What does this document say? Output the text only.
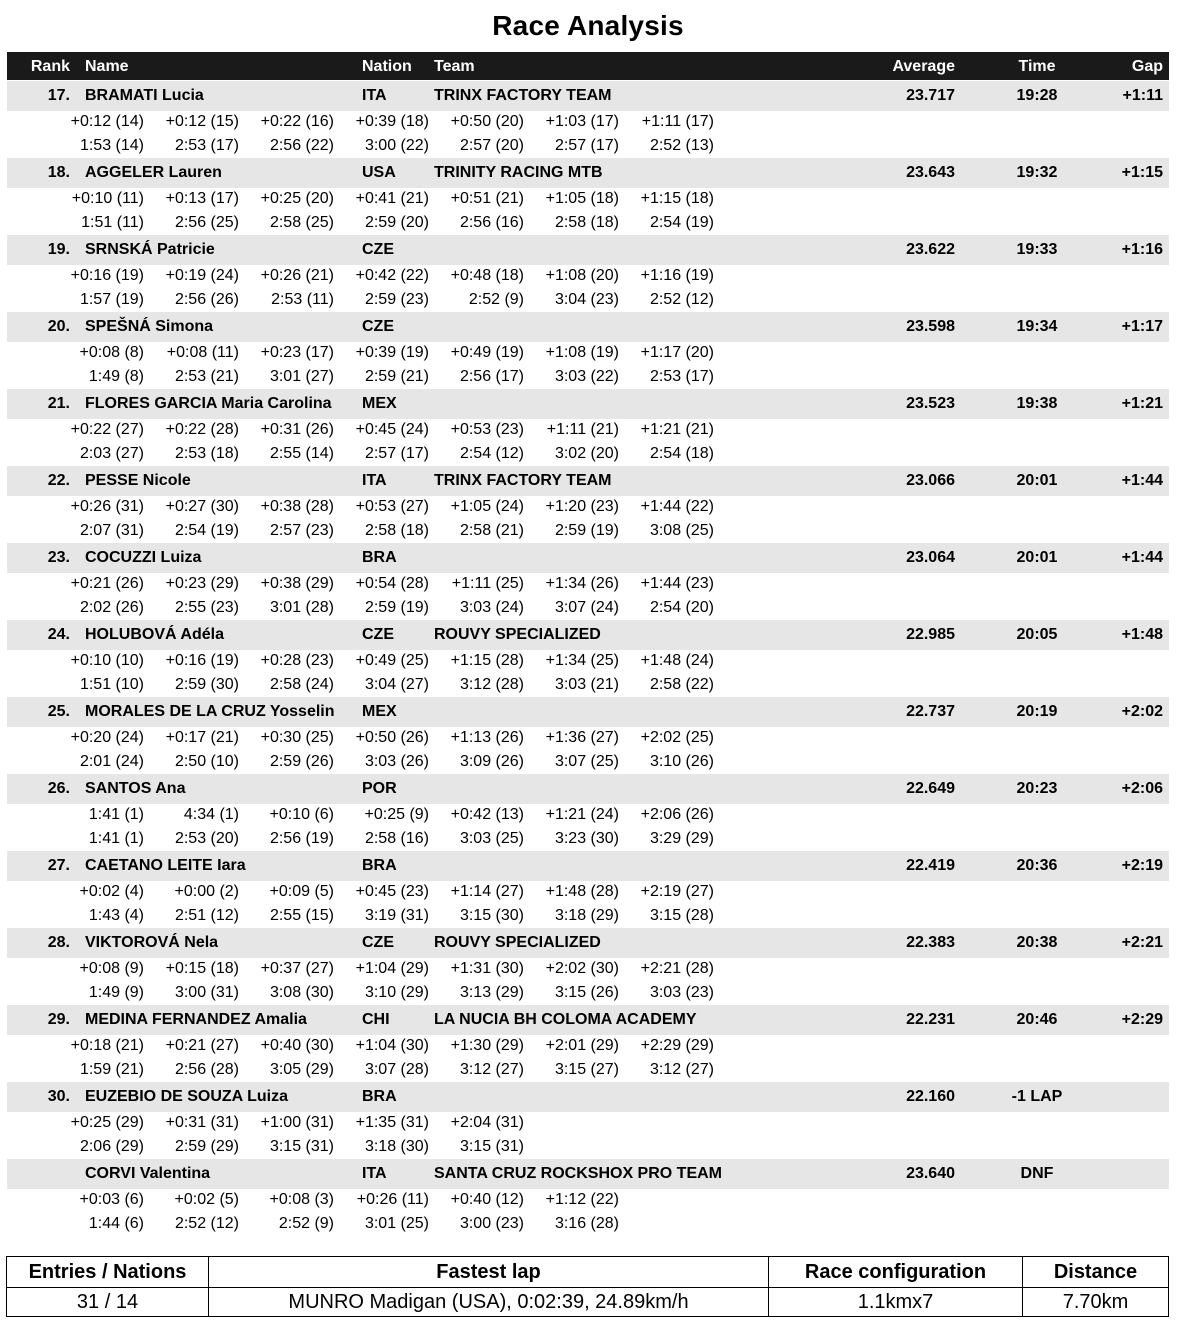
Race Analysis
Rank Name	Nation Team	Average	Time	Gap
17. BRAMATI Lucia	ITA	TRINX FACTORY TEAM	23.717	19:28	+1:11
+0:12 (14)	+0:12 (15)	+0:22 (16)	+0:39 (18)	+0:50 (20)	+1:03 (17)	+1:11 (17)
1:53 (14)	2:53 (17)	2:56 (22)	3:00 (22)	2:57 (20)	2:57 (17)	2:52 (13)
18. AGGELER Lauren	USA TRINITY RACING MTB	23.643	19:32	+1:15
+0:10 (11)	+0:13 (17)	+0:25 (20)	+0:41 (21)	+0:51 (21)	+1:05 (18)	+1:15 (18)
1:51 (11)	2:56 (25)	2:58 (25)	2:59 (20)	2:56 (16)	2:58 (18)	2:54 (19)
19. SRNSKÁ Patricie	CZE	23.622	19:33	+1:16
+0:16 (19)	+0:19 (24)	+0:26 (21)	+0:42 (22)	+0:48 (18)	+1:08 (20)	+1:16 (19)
1:57 (19)	2:56 (26)	2:53 (11)	2:59 (23)	2:52 (9)	3:04 (23)	2:52 (12)
20. SPEŠNÁ Simona	CZE	23.598	19:34	+1:17
+0:08 (8)	+0:08 (11)	+0:23 (17)	+0:39 (19)	+0:49 (19)	+1:08 (19)	+1:17 (20)
1:49 (8)	2:53 (21)	3:01 (27)	2:59 (21)	2:56 (17)	3:03 (22)	2:53 (17)
21. FLORES GARCIA Maria Carolina MEX	23.523	19:38	+1:21
+0:22 (27)	+0:22 (28)	+0:31 (26)	+0:45 (24)	+0:53 (23)	+1:11 (21)	+1:21 (21)
2:03 (27)	2:53 (18)	2:55 (14)	2:57 (17)	2:54 (12)	3:02 (20)	2:54 (18)
22. PESSE Nicole	ITA	TRINX FACTORY TEAM	23.066	20:01	+1:44
+0:26 (31)	+0:27 (30)	+0:38 (28)	+0:53 (27)	+1:05 (24)	+1:20 (23)	+1:44 (22)
2:07 (31)	2:54 (19)	2:57 (23)	2:58 (18)	2:58 (21)	2:59 (19)	3:08 (25)
23. COCUZZI Luiza	BRA	23.064	20:01	+1:44
+0:21 (26)	+0:23 (29)	+0:38 (29)	+0:54 (28)	+1:11 (25)	+1:34 (26)	+1:44 (23)
2:02 (26)	2:55 (23)	3:01 (28)	2:59 (19)	3:03 (24)	3:07 (24)	2:54 (20)
24. HOLUBOVÁ Adéla	CZE	ROUVY SPECIALIZED	22.985	20:05	+1:48
+0:10 (10)	+0:16 (19)	+0:28 (23)	+0:49 (25)	+1:15 (28)	+1:34 (25)	+1:48 (24)
1:51 (10)	2:59 (30)	2:58 (24)	3:04 (27)	3:12 (28)	3:03 (21)	2:58 (22)
25. MORALES DE LA CRUZ Yosselin MEX	22.737	20:19	+2:02
+0:20 (24)	+0:17 (21)	+0:30 (25)	+0:50 (26)	+1:13 (26)	+1:36 (27)	+2:02 (25)
2:01 (24)	2:50 (10)	2:59 (26)	3:03 (26)	3:09 (26)	3:07 (25)	3:10 (26)
26. SANTOS Ana	POR	22.649	20:23	+2:06
1:41 (1)	4:34 (1)	+0:10 (6)	+0:25 (9)	+0:42 (13)	+1:21 (24)	+2:06 (26)
1:41 (1)	2:53 (20)	2:56 (19)	2:58 (16)	3:03 (25)	3:23 (30)	3:29 (29)
27. CAETANO LEITE Iara	BRA	22.419	20:36	+2:19
+0:02 (4)	+0:00 (2)	+0:09 (5)	+0:45 (23)	+1:14 (27)	+1:48 (28)	+2:19 (27)
1:43 (4)	2:51 (12)	2:55 (15)	3:19 (31)	3:15 (30)	3:18 (29)	3:15 (28)
28. VIKTOROVÁ Nela	CZE	ROUVY SPECIALIZED	22.383	20:38	+2:21
+0:08 (9)	+0:15 (18)	+0:37 (27)	+1:04 (29)	+1:31 (30)	+2:02 (30)	+2:21 (28)
1:49 (9)	3:00 (31)	3:08 (30)	3:10 (29)	3:13 (29)	3:15 (26)	3:03 (23)
29. MEDINA FERNANDEZ Amalia	CHI	LA NUCIA BH COLOMA ACADEMY	22.231	20:46	+2:29
+0:18 (21)	+0:21 (27)	+0:40 (30)	+1:04 (30)	+1:30 (29)	+2:01 (29)	+2:29 (29)
1:59 (21)	2:56 (28)	3:05 (29)	3:07 (28)	3:12 (27)	3:15 (27)	3:12 (27)
30. EUZEBIO DE SOUZA Luiza	BRA	22.160	-1 LAP
+0:25 (29)	+0:31 (31)	+1:00 (31)	+1:35 (31)	+2:04 (31)
2:06 (29)	2:59 (29)	3:15 (31)	3:18 (30)	3:15 (31)
CORVI Valentina	ITA	SANTA CRUZ ROCKSHOX PRO TEAM	23.640	DNF
+0:03 (6)	+0:02 (5)	+0:08 (3)	+0:26 (11)	+0:40 (12)	+1:12 (22)
1:44 (6)	2:52 (12)	2:52 (9)	3:01 (25)	3:00 (23)	3:16 (28)
Entries / Nations	Fastest lap	Race configuration	Distance
31 / 14	MUNRO Madigan (USA), 0:02:39, 24.89km/h	1.1kmx7	7.70km
